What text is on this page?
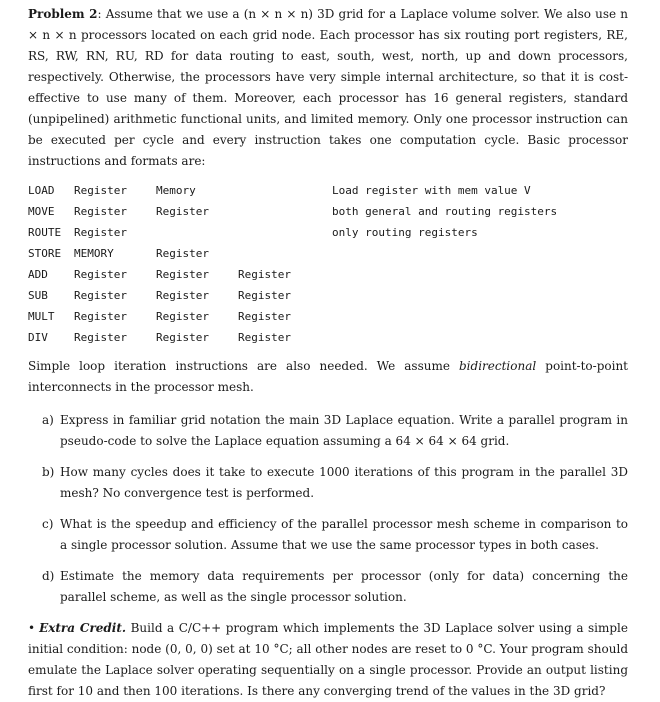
Problem 2: Assume that we use a (n × n × n) 3D grid for a Laplace volume solver. We also use n × n × n processors located on each grid node. Each processor has six routing port registers, RE, RS, RW, RN, RU, RD for data routing to east, south, west, north, up and down processors, respectively. Otherwise, the processors have very simple internal architecture, so that it is cost-effective to use many of them. Moreover, each processor has 16 general registers, standard (unpipelined) arithmetic functional units, and limited memory. Only one processor instruction can be executed per cycle and every instruction takes one computation cycle. Basic processor instructions and formats are:

LOAD Register	Memory	Load register with mem value V
MOVE Register	Register	both general and routing registers
ROUTE Register	only routing registers
STORE MEMORY	Register
ADD Register	Register	Register
SUB Register	Register	Register
MULT Register	Register	Register
DIV Register	Register	Register

Simple loop iteration instructions are also needed. We assume bidirectional point-to-point interconnects in the processor mesh.

a) Express in familiar grid notation the main 3D Laplace equation. Write a parallel program in pseudo-code to solve the Laplace equation assuming a 64 × 64 × 64 grid.
b) How many cycles does it take to execute 1000 iterations of this program in the parallel 3D mesh? No convergence test is performed.
c) What is the speedup and efficiency of the parallel processor mesh scheme in comparison to a single processor solution. Assume that we use the same processor types in both cases.
d) Estimate the memory data requirements per processor (only for data) concerning the parallel scheme, as well as the single processor solution.

• Extra Credit. Build a C/C++ program which implements the 3D Laplace solver using a simple initial condition: node (0, 0, 0) set at 10 °C; all other nodes are reset to 0 °C. Your program should emulate the Laplace solver operating sequentially on a single processor. Provide an output listing first for 10 and then 100 iterations. Is there any converging trend of the values in the 3D grid?
